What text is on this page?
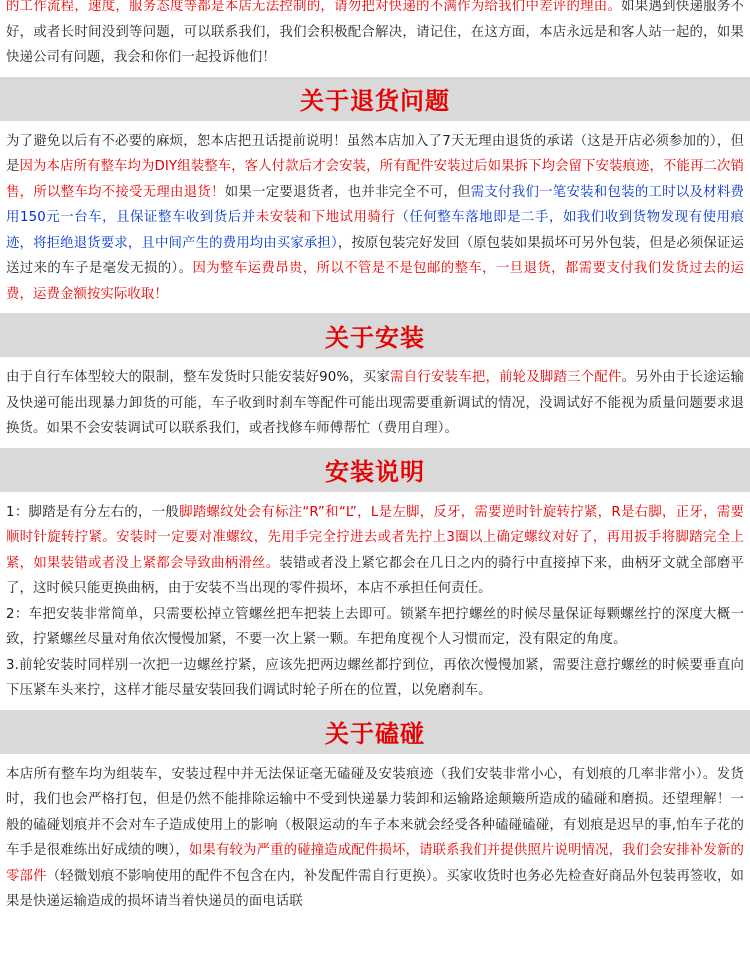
的工作流程，速度，服务态度等都是本店无法控制的，请勿把对快递的不满作为给我们中差评的理由。如果遇到快递服务不好，或者长时间没到等问题，可以联系我们，我们会积极配合解决，请记住，在这方面，本店永远是和客人站一起的，如果快递公司有问题，我会和你们一起投诉他们！

关于退货问题

为了避免以后有不必要的麻烦，恕本店把丑话提前说明！虽然本店加入了7天无理由退货的承诺（这是开店必须参加的），但是因为本店所有整车均为DIY组装整车，客人付款后才会安装，所有配件安装过后如果拆下均会留下安装痕迹，不能再二次销售，所以整车均不接受无理由退货！如果一定要退货者，也并非完全不可，但需支付我们一笔安装和包装的工时以及材料费用150元一台车，且保证整车收到货后并未安装和下地试用骑行（任何整车落地即是二手，如我们收到货物发现有使用痕迹，将拒绝退货要求，且中间产生的费用均由买家承担），按原包装完好发回（原包装如果损坏可另外包装，但是必须保证运送过来的车子是毫发无损的）。因为整车运费昂贵，所以不管是不是包邮的整车，一旦退货，都需要支付我们发货过去的运费，运费金额按实际收取！

关于安装

由于自行车体型较大的限制，整车发货时只能安装好90%，买家需自行安装车把，前轮及脚踏三个配件。另外由于长途运输及快递可能出现暴力卸货的可能，车子收到时刹车等配件可能出现需要重新调试的情况，没调试好不能视为质量问题要求退换货。如果不会安装调试可以联系我们，或者找修车师傅帮忙（费用自理）。

安装说明

1：脚踏是有分左右的，一般脚踏螺纹处会有标注“R”和“L”，L是左脚，反牙，需要逆时针旋转拧紧，R是右脚，正牙，需要顺时针旋转拧紧。安装时一定要对准螺纹，先用手完全拧进去或者先拧上3圈以上确定螺纹对好了，再用扳手将脚踏完全上紧，如果装错或者没上紧都会导致曲柄滑丝。装错或者没上紧它都会在几日之内的骑行中直接掉下来，曲柄牙文就全部磨平了，这时候只能更换曲柄，由于安装不当出现的零件损坏，本店不承担任何责任。

2：车把安装非常简单，只需要松掉立管螺丝把车把装上去即可。锁紧车把拧螺丝的时候尽量保证每颗螺丝拧的深度大概一致，拧紧螺丝尽量对角依次慢慢加紧，不要一次上紧一颗。车把角度视个人习惯而定，没有限定的角度。

3.前轮安装时同样别一次把一边螺丝拧紧，应该先把两边螺丝都拧到位，再依次慢慢加紧，需要注意拧螺丝的时候要垂直向下压紧车头来拧，这样才能尽量安装回我们调试时轮子所在的位置，以免磨刹车。

关于磕碰

本店所有整车均为组装车，安装过程中并无法保证毫无磕碰及安装痕迹（我们安装非常小心，有划痕的几率非常小）。发货时，我们也会严格打包，但是仍然不能排除运输中不受到快递暴力装卸和运输路途颠簸所造成的磕碰和磨损。还望理解！一般的磕碰划痕并不会对车子造成使用上的影响（极限运动的车子本来就会经受各种磕碰磕碰，有划痕是迟早的事,怕车子花的车手是很难练出好成绩的噢），如果有较为严重的碰撞造成配件损坏，请联系我们并提供照片说明情况，我们会安排补发新的零部件（轻微划痕不影响使用的配件不包含在内，补发配件需自行更换）。买家收货时也务必先检查好商品外包装再签收，如果是快递运输造成的损坏请当着快递员的面电话联
